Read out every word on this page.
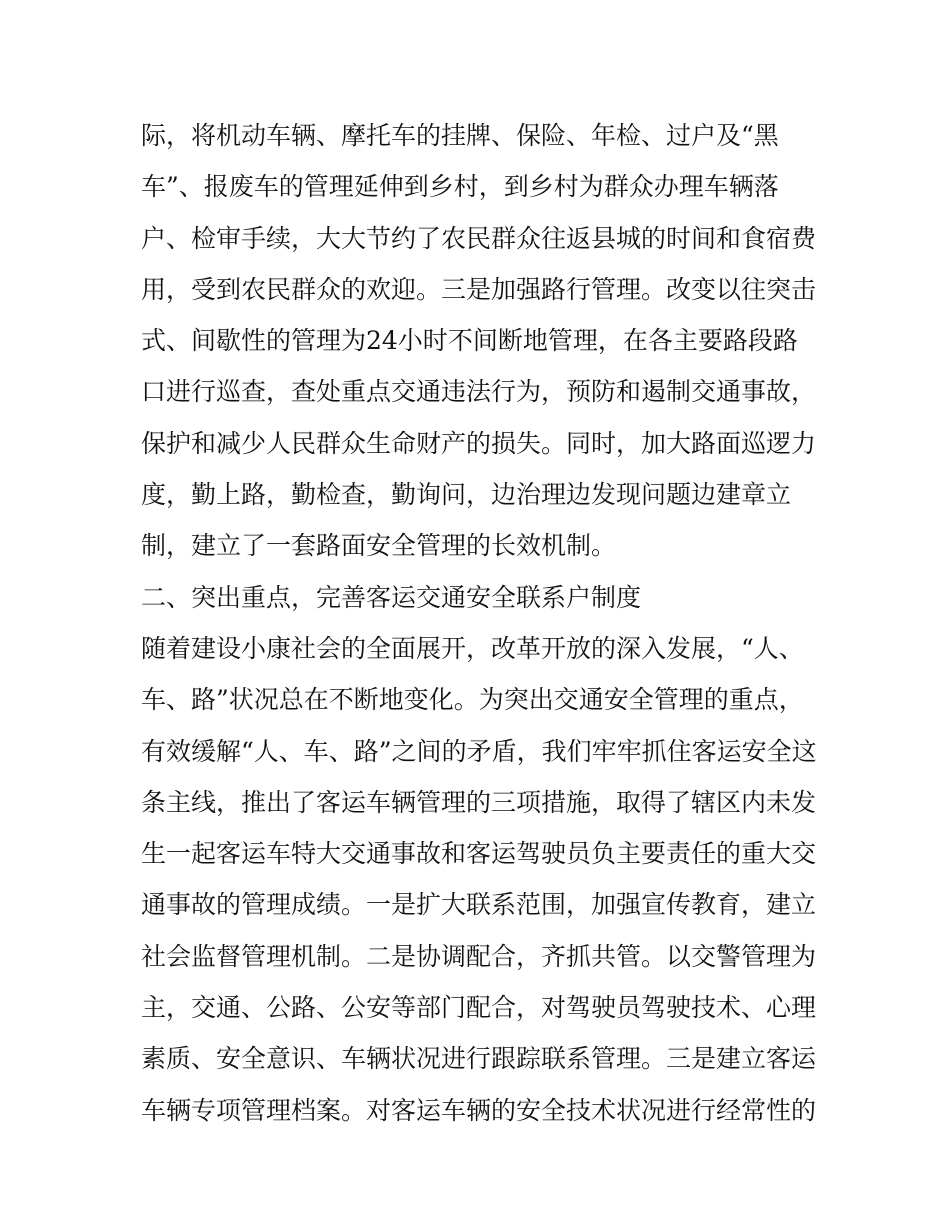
际，将机动车辆、摩托车的挂牌、保险、年检、过户及“黑
车”、报废车的管理延伸到乡村，到乡村为群众办理车辆落
户、检审手续，大大节约了农民群众往返县城的时间和食宿费
用，受到农民群众的欢迎。三是加强路行管理。改变以往突击
式、间歇性的管理为24小时不间断地管理，在各主要路段路
口进行巡查，查处重点交通违法行为，预防和遏制交通事故，
保护和减少人民群众生命财产的损失。同时，加大路面巡逻力
度，勤上路，勤检查，勤询问，边治理边发现问题边建章立
制，建立了一套路面安全管理的长效机制。
二、突出重点，完善客运交通安全联系户制度
随着建设小康社会的全面展开，改革开放的深入发展，“人、
车、路”状况总在不断地变化。为突出交通安全管理的重点，
有效缓解“人、车、路”之间的矛盾，我们牢牢抓住客运安全这
条主线，推出了客运车辆管理的三项措施，取得了辖区内未发
生一起客运车特大交通事故和客运驾驶员负主要责任的重大交
通事故的管理成绩。一是扩大联系范围，加强宣传教育，建立
社会监督管理机制。二是协调配合，齐抓共管。以交警管理为
主，交通、公路、公安等部门配合，对驾驶员驾驶技术、心理
素质、安全意识、车辆状况进行跟踪联系管理。三是建立客运
车辆专项管理档案。对客运车辆的安全技术状况进行经常性的
